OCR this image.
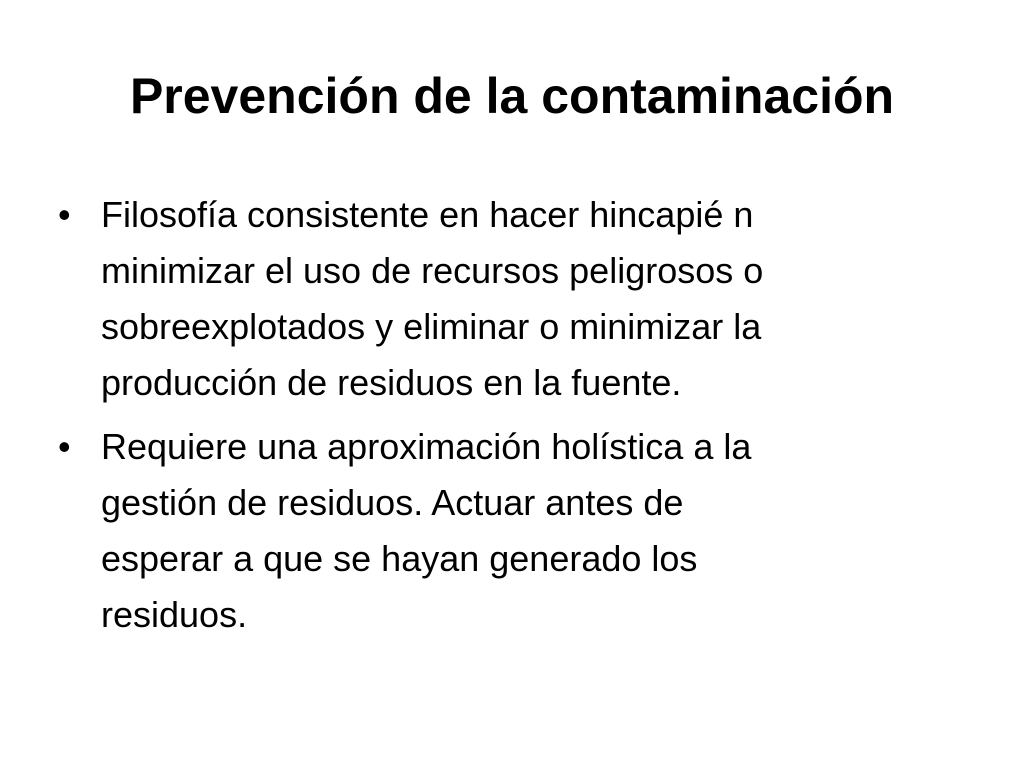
Prevención de la contaminación
• Filosofía consistente en hacer hincapié n
minimizar el uso de recursos peligrosos o
sobreexplotados y eliminar o minimizar la
producción de residuos en la fuente.
• Requiere una aproximación holística a la
gestión de residuos. Actuar antes de
esperar a que se hayan generado los
residuos.
